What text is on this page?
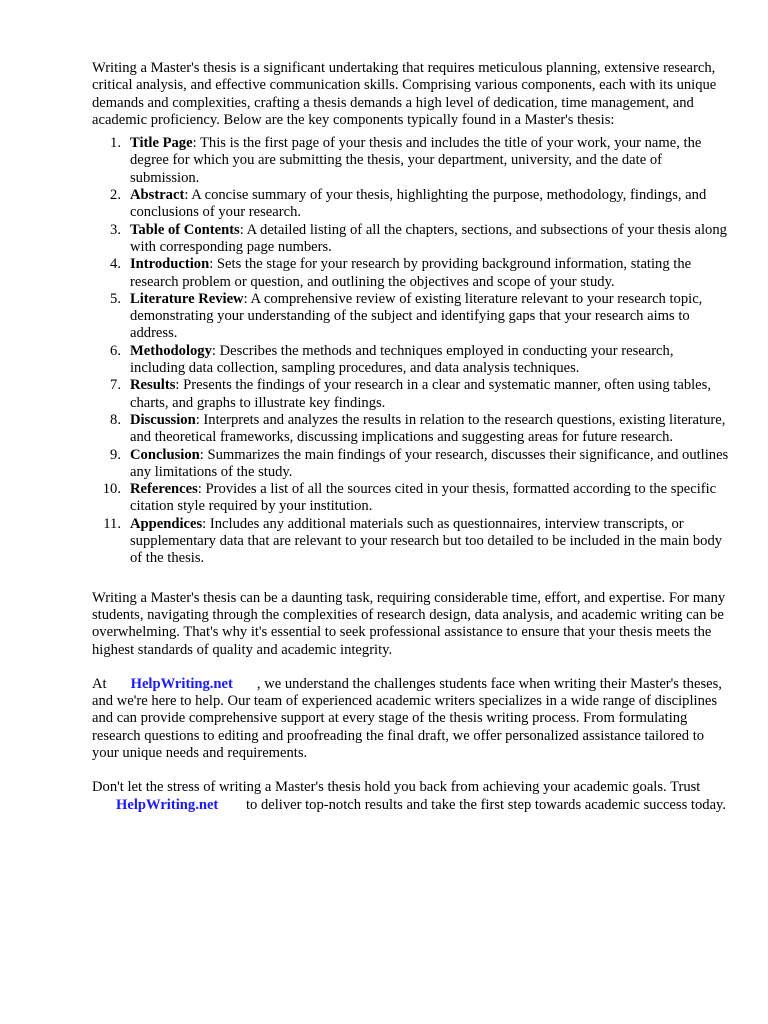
Writing a Master's thesis is a significant undertaking that requires meticulous planning, extensive research, critical analysis, and effective communication skills. Comprising various components, each with its unique demands and complexities, crafting a thesis demands a high level of dedication, time management, and academic proficiency. Below are the key components typically found in a Master's thesis:

1. Title Page: This is the first page of your thesis and includes the title of your work, your name, the degree for which you are submitting the thesis, your department, university, and the date of submission.
2. Abstract: A concise summary of your thesis, highlighting the purpose, methodology, findings, and conclusions of your research.
3. Table of Contents: A detailed listing of all the chapters, sections, and subsections of your thesis along with corresponding page numbers.
4. Introduction: Sets the stage for your research by providing background information, stating the research problem or question, and outlining the objectives and scope of your study.
5. Literature Review: A comprehensive review of existing literature relevant to your research topic, demonstrating your understanding of the subject and identifying gaps that your research aims to address.
6. Methodology: Describes the methods and techniques employed in conducting your research, including data collection, sampling procedures, and data analysis techniques.
7. Results: Presents the findings of your research in a clear and systematic manner, often using tables, charts, and graphs to illustrate key findings.
8. Discussion: Interprets and analyzes the results in relation to the research questions, existing literature, and theoretical frameworks, discussing implications and suggesting areas for future research.
9. Conclusion: Summarizes the main findings of your research, discusses their significance, and outlines any limitations of the study.
10. References: Provides a list of all the sources cited in your thesis, formatted according to the specific citation style required by your institution.
11. Appendices: Includes any additional materials such as questionnaires, interview transcripts, or supplementary data that are relevant to your research but too detailed to be included in the main body of the thesis.

Writing a Master's thesis can be a daunting task, requiring considerable time, effort, and expertise. For many students, navigating through the complexities of research design, data analysis, and academic writing can be overwhelming. That's why it's essential to seek professional assistance to ensure that your thesis meets the highest standards of quality and academic integrity.

At HelpWriting.net , we understand the challenges students face when writing their Master's theses, and we're here to help. Our team of experienced academic writers specializes in a wide range of disciplines and can provide comprehensive support at every stage of the thesis writing process. From formulating research questions to editing and proofreading the final draft, we offer personalized assistance tailored to your unique needs and requirements.

Don't let the stress of writing a Master's thesis hold you back from achieving your academic goals. Trust HelpWriting.net to deliver top-notch results and take the first step towards academic success today.
